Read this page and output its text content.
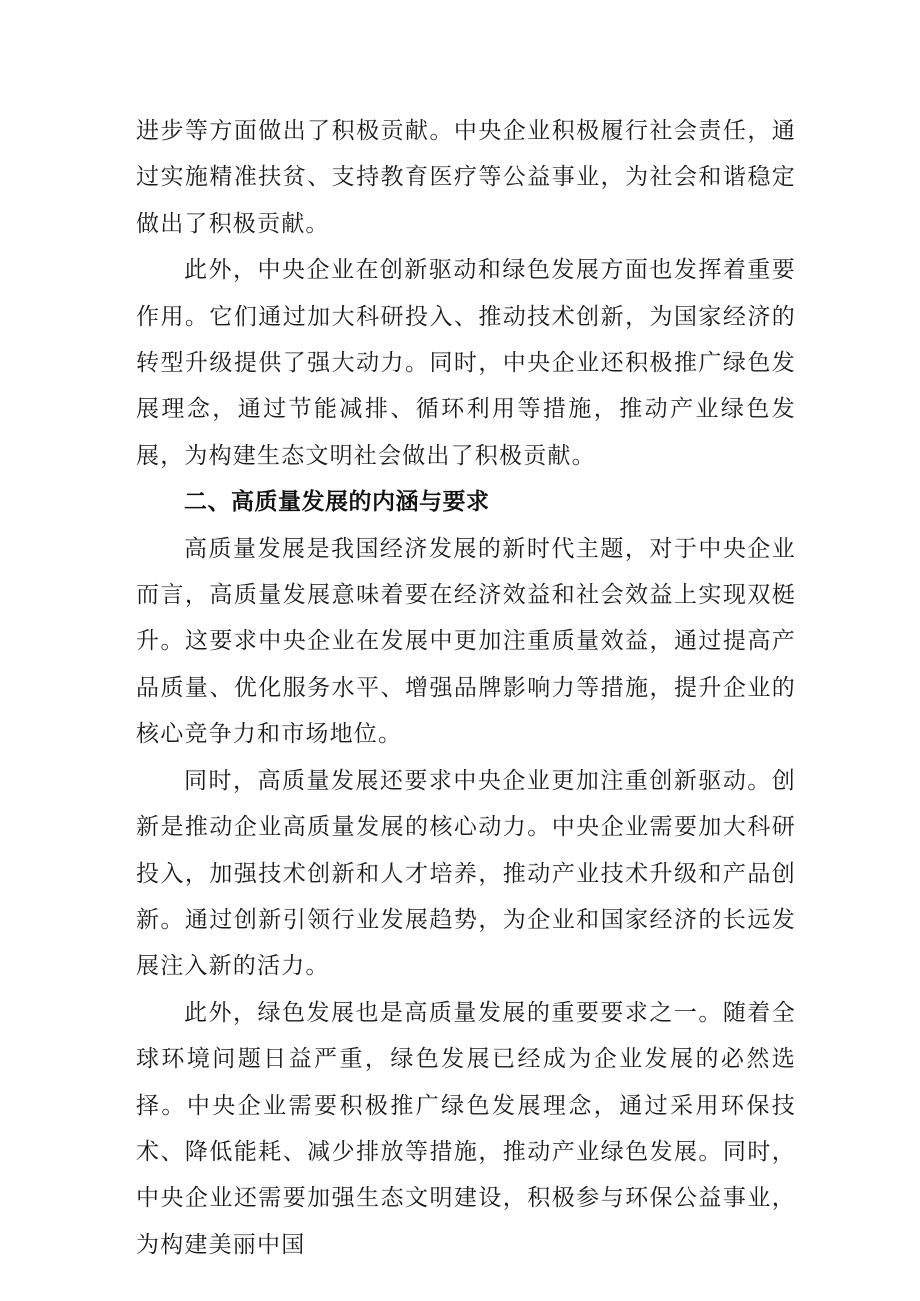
进步等方面做出了积极贡献。中央企业积极履行社会责任，通过实施精准扶贫、支持教育医疗等公益事业，为社会和谐稳定做出了积极贡献。

此外，中央企业在创新驱动和绿色发展方面也发挥着重要作用。它们通过加大科研投入、推动技术创新，为国家经济的转型升级提供了强大动力。同时，中央企业还积极推广绿色发展理念，通过节能减排、循环利用等措施，推动产业绿色发展，为构建生态文明社会做出了积极贡献。

二、高质量发展的内涵与要求

高质量发展是我国经济发展的新时代主题，对于中央企业而言，高质量发展意味着要在经济效益和社会效益上实现双梃升。这要求中央企业在发展中更加注重质量效益，通过提高产品质量、优化服务水平、增强品牌影响力等措施，提升企业的核心竞争力和市场地位。

同时，高质量发展还要求中央企业更加注重创新驱动。创新是推动企业高质量发展的核心动力。中央企业需要加大科研投入，加强技术创新和人才培养，推动产业技术升级和产品创新。通过创新引领行业发展趋势，为企业和国家经济的长远发展注入新的活力。

此外，绿色发展也是高质量发展的重要要求之一。随着全球环境问题日益严重，绿色发展已经成为企业发展的必然选择。中央企业需要积极推广绿色发展理念，通过采用环保技术、降低能耗、减少排放等措施，推动产业绿色发展。同时，中央企业还需要加强生态文明建设，积极参与环保公益事业，为构建美丽中国
